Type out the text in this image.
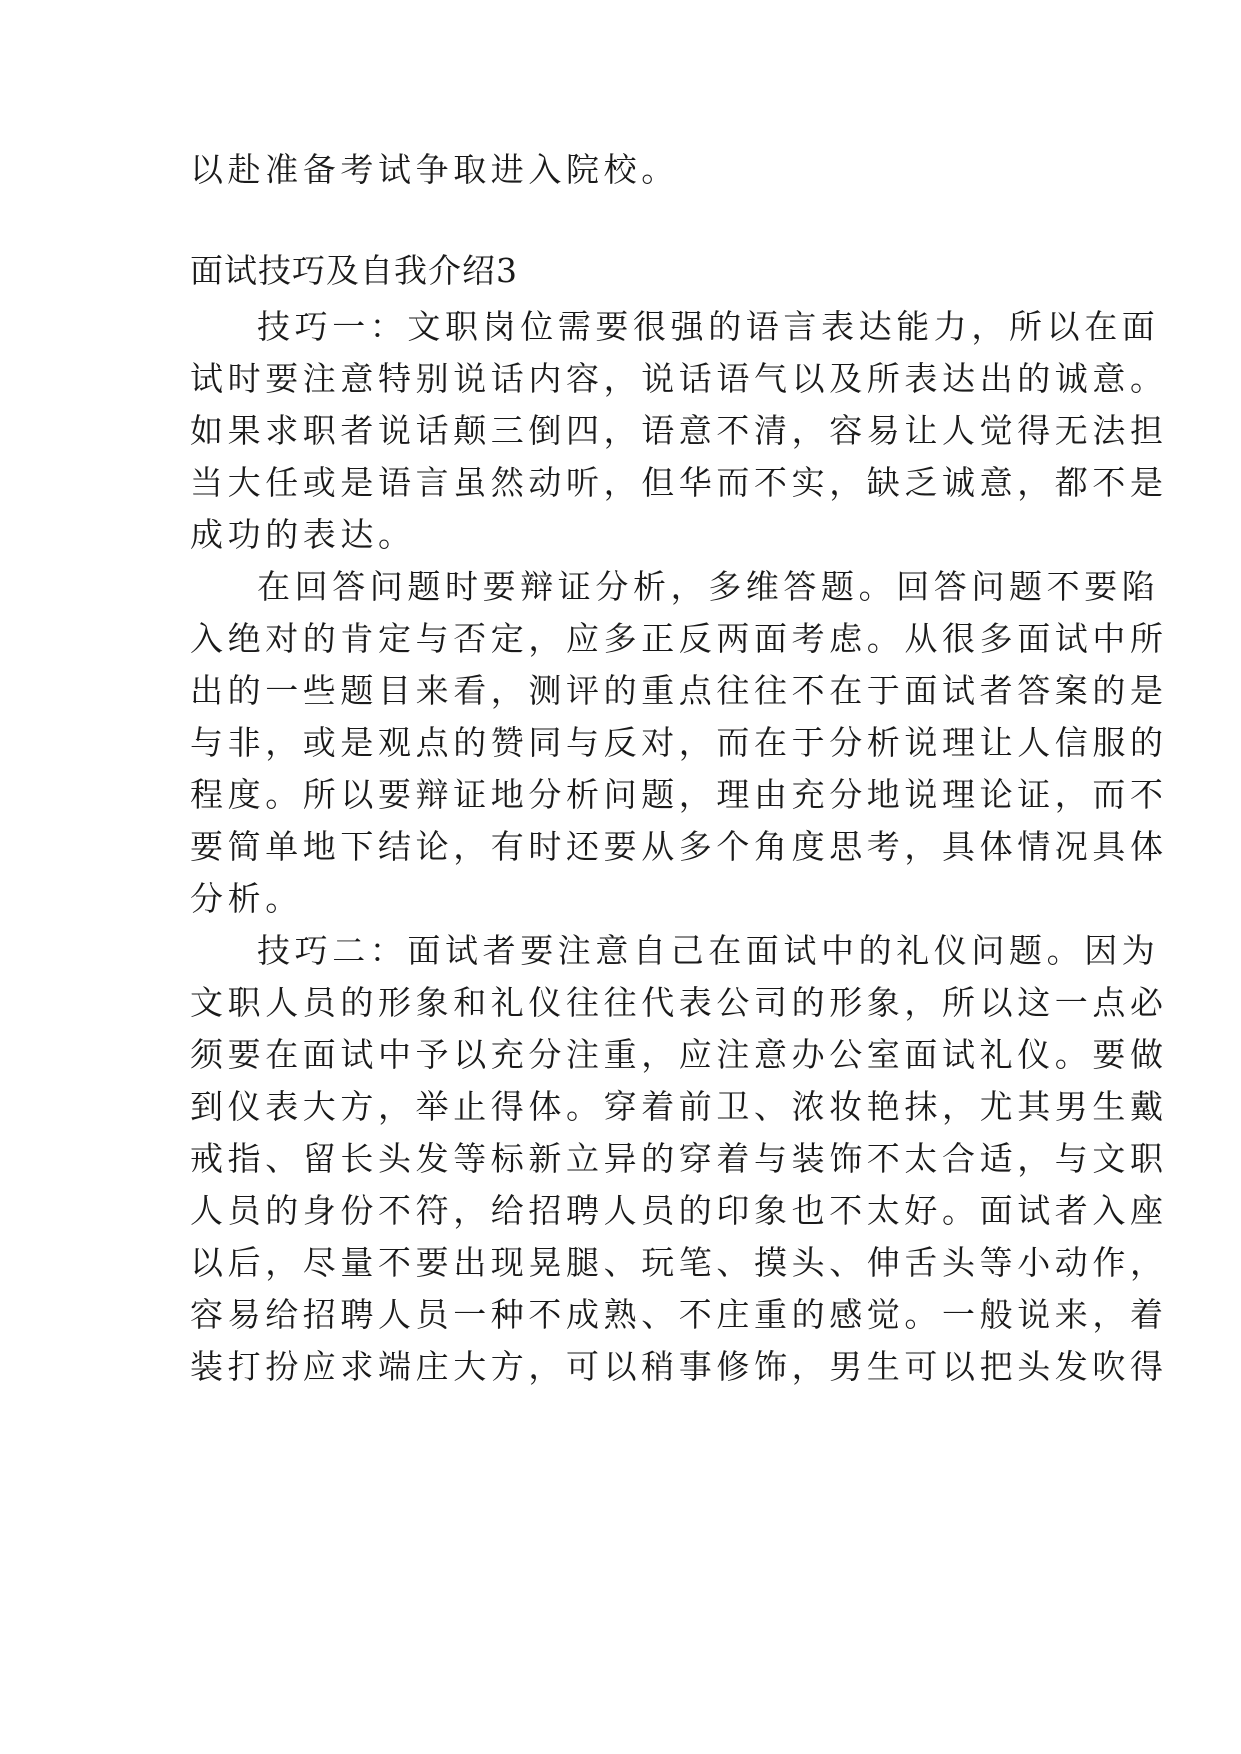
以赴准备考试争取进入院校。
面试技巧及自我介绍3
技巧一：文职岗位需要很强的语言表达能力，所以在面
试时要注意特别说话内容，说话语气以及所表达出的诚意。
如果求职者说话颠三倒四，语意不清，容易让人觉得无法担
当大任或是语言虽然动听，但华而不实，缺乏诚意，都不是
成功的表达。
在回答问题时要辩证分析，多维答题。回答问题不要陷
入绝对的肯定与否定，应多正反两面考虑。从很多面试中所
出的一些题目来看，测评的重点往往不在于面试者答案的是
与非，或是观点的赞同与反对，而在于分析说理让人信服的
程度。所以要辩证地分析问题，理由充分地说理论证，而不
要简单地下结论，有时还要从多个角度思考，具体情况具体
分析。
技巧二：面试者要注意自己在面试中的礼仪问题。因为
文职人员的形象和礼仪往往代表公司的形象，所以这一点必
须要在面试中予以充分注重，应注意办公室面试礼仪。要做
到仪表大方，举止得体。穿着前卫、浓妆艳抹，尤其男生戴
戒指、留长头发等标新立异的穿着与装饰不太合适，与文职
人员的身份不符，给招聘人员的印象也不太好。面试者入座
以后，尽量不要出现晃腿、玩笔、摸头、伸舌头等小动作，
容易给招聘人员一种不成熟、不庄重的感觉。一般说来，着
装打扮应求端庄大方，可以稍事修饰，男生可以把头发吹得
